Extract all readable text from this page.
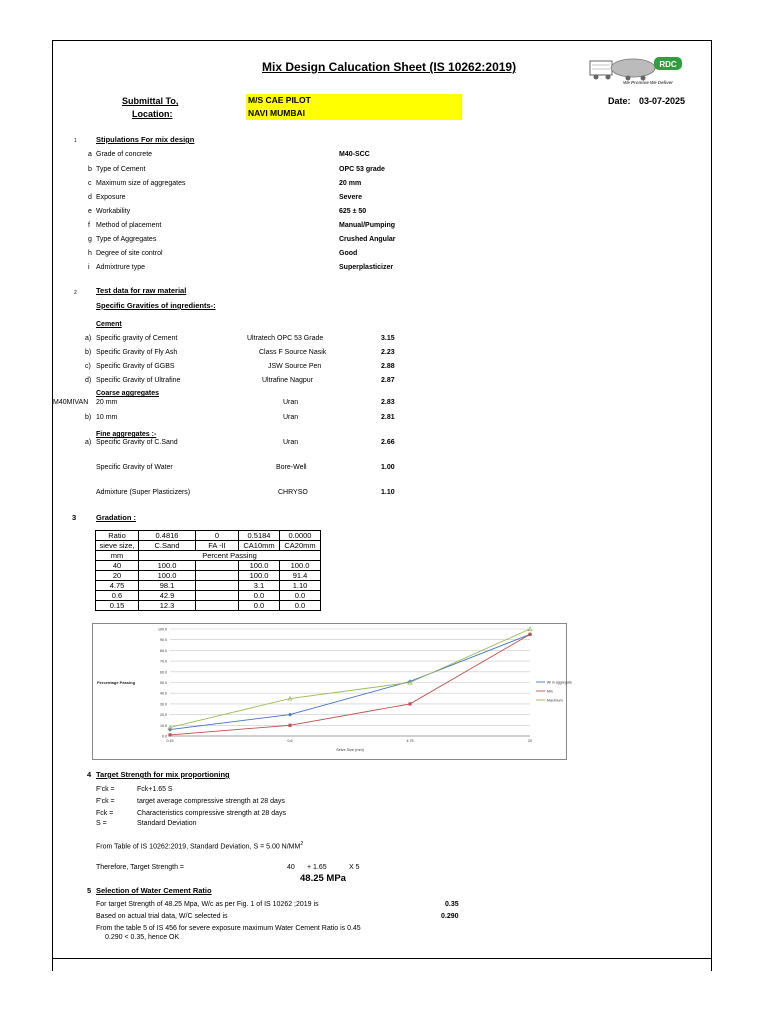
Mix Design Calucation Sheet (IS 10262:2019)	RDC
We Promise We Deliver
Submittal To,
Location:
M/S CAE PILOT
NAVI MUMBAI
Date: 03-07-2025
1	Stipulations For mix design
a Grade of concrete	M40-SCC
b Type of Cement	OPC 53 grade
c Maximum size of aggregates	20 mm
d Exposure	Severe
e Workability	625 ± 50
f Method of placement	Manual/Pumping
g Type of Aggregates	Crushed Angular
h Degree of site control	Good
i Admixtrure type	Superplasticizer
2	Test data for raw material
Specific Gravities of ingredients-:
Cement
a) Specific gravity of Cement	Ultratech OPC 53 Grade	3.15
b) Specific Gravity of Fly Ash	Class F Source Nasik	2.23
c) Specific Gravity of GGBS	JSW Source Pen	2.88
d) Specific Gravity of Ultrafine	Ultrafine Nagpur	2.87
Coarse aggregates
M40MIVAN 20 mm	Uran	2.83
b) 10 mm	Uran	2.81
Fine aggregates :-
a) Specific Gravity of C.Sand	Uran	2.66
Specific Gravity of Water	Bore-Well	1.00
Admixture (Super Plasticizers)	CHRYSO	1.10
3	Gradation :
Ratio	0.4816	0	0.5184	0.0000
sieve size,	C.Sand	FA -II	CA10mm	CA20mm
mm	Percent Passing			
40	100.0		100.0	100.0
20	100.0		100.0	91.4
4.75	98.1		3.1	1.10
0.6	42.9		0.0	0.0
0.15	12.3		0.0	0.0
0.0
10.0
20.0
30.0
40.0
50.0
60.0
70.0
80.0
90.0
100.0
0.15	0.6	4.75	20
Seive Size (mm)
Percentage Passing	All in aggregate
Min
Maximum
4 Target Strength for mix proportioning
F'ck =	Fck+1.65 S
F'ck =	target average compressive strength at 28 days
Fck =	Characteristics compressive strength at 28 days
S =	Standard Deviation
From Table of IS 10262:2019, Standard Deviation, S = 5.00 $N/MM^2$
Therefore, Target Strength =	40 + 1.65	X 5
48.25 MPa
5 Selection of Water Cement Ratio
For target Strength of 48.25 Mpa, W/c as per Fig. 1 of IS 10262 ;2019 is	0.35
Based on actual trial data, W/C selected is	0.290
From the table 5 of IS 456 for severe exposure maximum Water Cement Ratio is 0.45
0.290 < 0.35, hence OK
